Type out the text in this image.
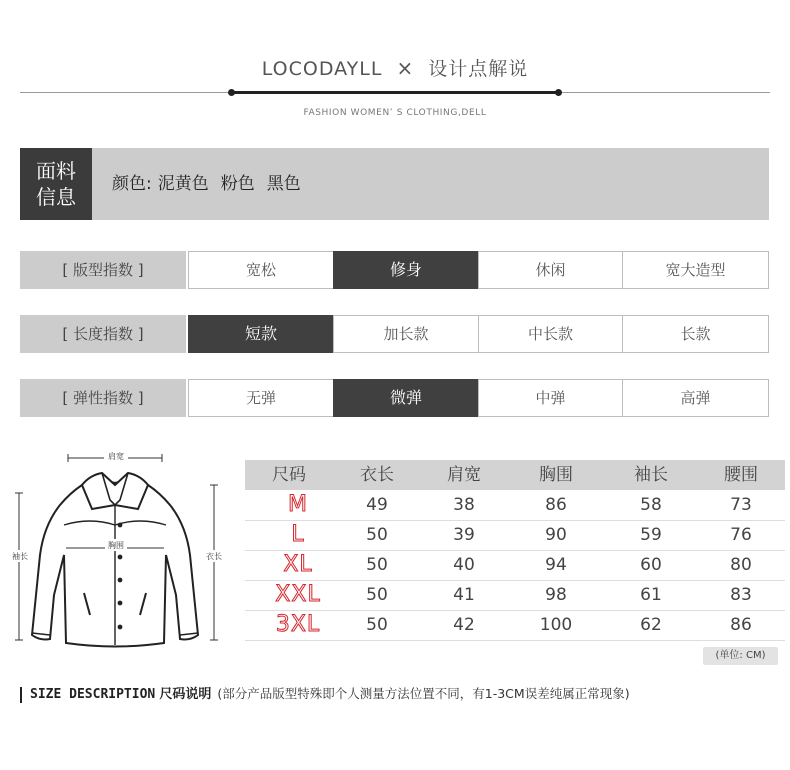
LOCODAYLL × 设计点解说
FASHION WOMEN’ S CLOTHING,DELL
面料
信息
颜色: 泥黄色 粉色 黑色
[ 版型指数 ]	宽松	修身	休闲	宽大造型
[ 长度指数 ]	短款	加长款	中长款	长款
[ 弹性指数 ]	无弹	微弹	中弹	高弹
肩宽
袖长	衣长
胸围
尺码	衣长	肩宽	胸围	袖长	腰围
M	49	38	86	58	73
L	50	39	90	59	76
XL	50	40	94	60	80
XXL	50	41	98	61	83
3XL	50	42	100	62	86
(单位: CM)
SIZE DESCRIPTION 尺码说明 (部分产品版型特殊即个人测量方法位置不同，有1-3CM误差纯属正常现象)
